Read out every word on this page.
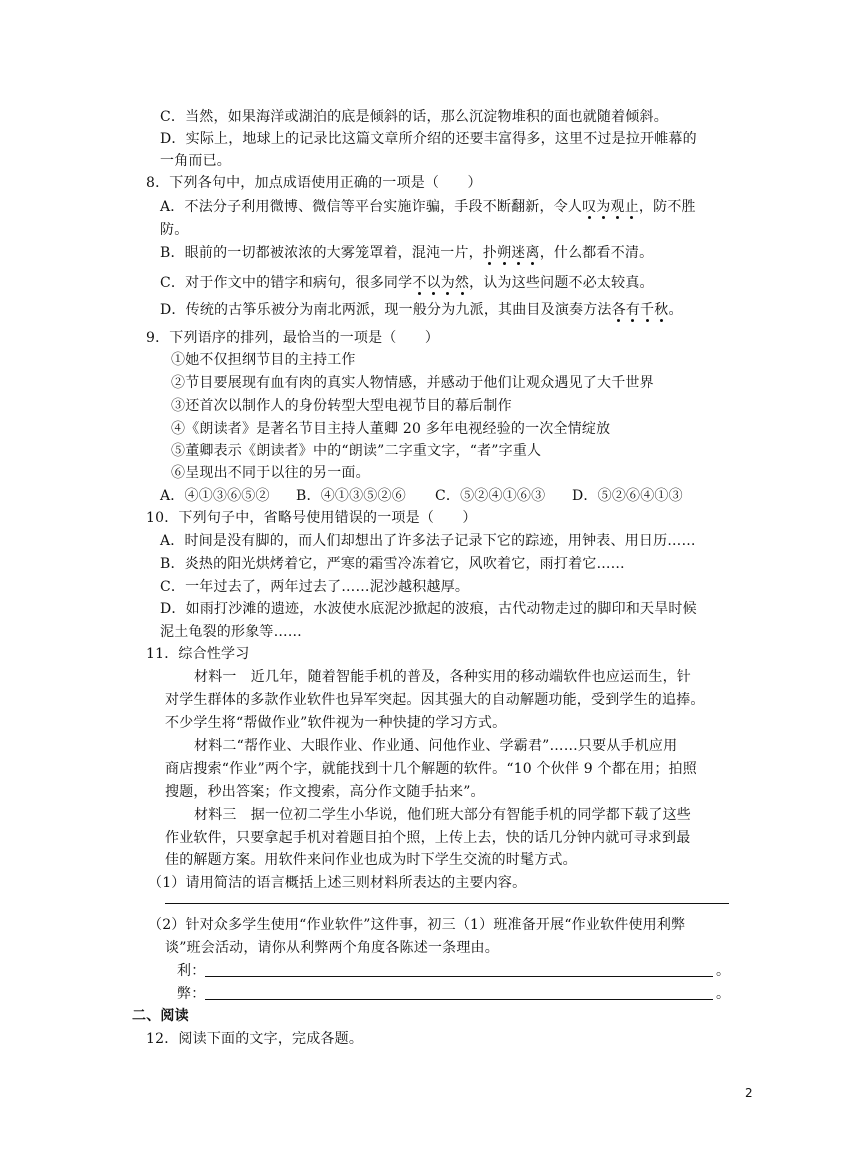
C．当然，如果海洋或湖泊的底是倾斜的话，那么沉淀物堆积的面也就随着倾斜。
D．实际上，地球上的记录比这篇文章所介绍的还要丰富得多，这里不过是拉开帷幕的
一角而已。
8．下列各句中，加点成语使用正确的一项是（　　）
A．不法分子利用微博、微信等平台实施诈骗，手段不断翻新，令人叹为观止，防不胜
防。
B．眼前的一切都被浓浓的大雾笼罩着，混沌一片，扑朔迷离，什么都看不清。
C．对于作文中的错字和病句，很多同学不以为然，认为这些问题不必太较真。
D．传统的古筝乐被分为南北两派，现一般分为九派，其曲目及演奏方法各有千秋。
9．下列语序的排列，最恰当的一项是（　　）
①她不仅担纲节目的主持工作
②节目要展现有血有肉的真实人物情感，并感动于他们让观众遇见了大千世界
③还首次以制作人的身份转型大型电视节目的幕后制作
④《朗读者》是著名节目主持人董卿 20 多年电视经验的一次全情绽放
⑤董卿表示《朗读者》中的“朗读”二字重文字，“者”字重人
⑥呈现出不同于以往的另一面。
A．④①③⑥⑤② B．④①③⑤②⑥ C．⑤②④①⑥③ D．⑤②⑥④①③
10．下列句子中，省略号使用错误的一项是（　　）
A．时间是没有脚的，而人们却想出了许多法子记录下它的踪迹，用钟表、用日历……
B．炎热的阳光烘烤着它，严寒的霜雪冷冻着它，风吹着它，雨打着它……
C．一年过去了，两年过去了……泥沙越积越厚。
D．如雨打沙滩的遗迹，水波使水底泥沙掀起的波痕，古代动物走过的脚印和天旱时候
泥土龟裂的形象等……
11．综合性学习
材料一　近几年，随着智能手机的普及，各种实用的移动端软件也应运而生，针
对学生群体的多款作业软件也异军突起。因其强大的自动解题功能，受到学生的追捧。
不少学生将“帮做作业”软件视为一种快捷的学习方式。
材料二“帮作业、大眼作业、作业通、问他作业、学霸君”……只要从手机应用
商店搜索“作业”两个字，就能找到十几个解题的软件。“10 个伙伴 9 个都在用；拍照
搜题，秒出答案；作文搜索，高分作文随手拈来”。
材料三　据一位初二学生小华说，他们班大部分有智能手机的同学都下载了这些
作业软件，只要拿起手机对着题目拍个照，上传上去，快的话几分钟内就可寻求到最
佳的解题方案。用软件来问作业也成为时下学生交流的时髦方式。
（1）请用简洁的语言概括上述三则材料所表达的主要内容。
（2）针对众多学生使用“作业软件”这件事，初三（1）班准备开展“作业软件使用利弊
谈”班会活动，请你从利弊两个角度各陈述一条理由。
利：	。
弊：	。
二、阅读
12．阅读下面的文字，完成各题。
2
